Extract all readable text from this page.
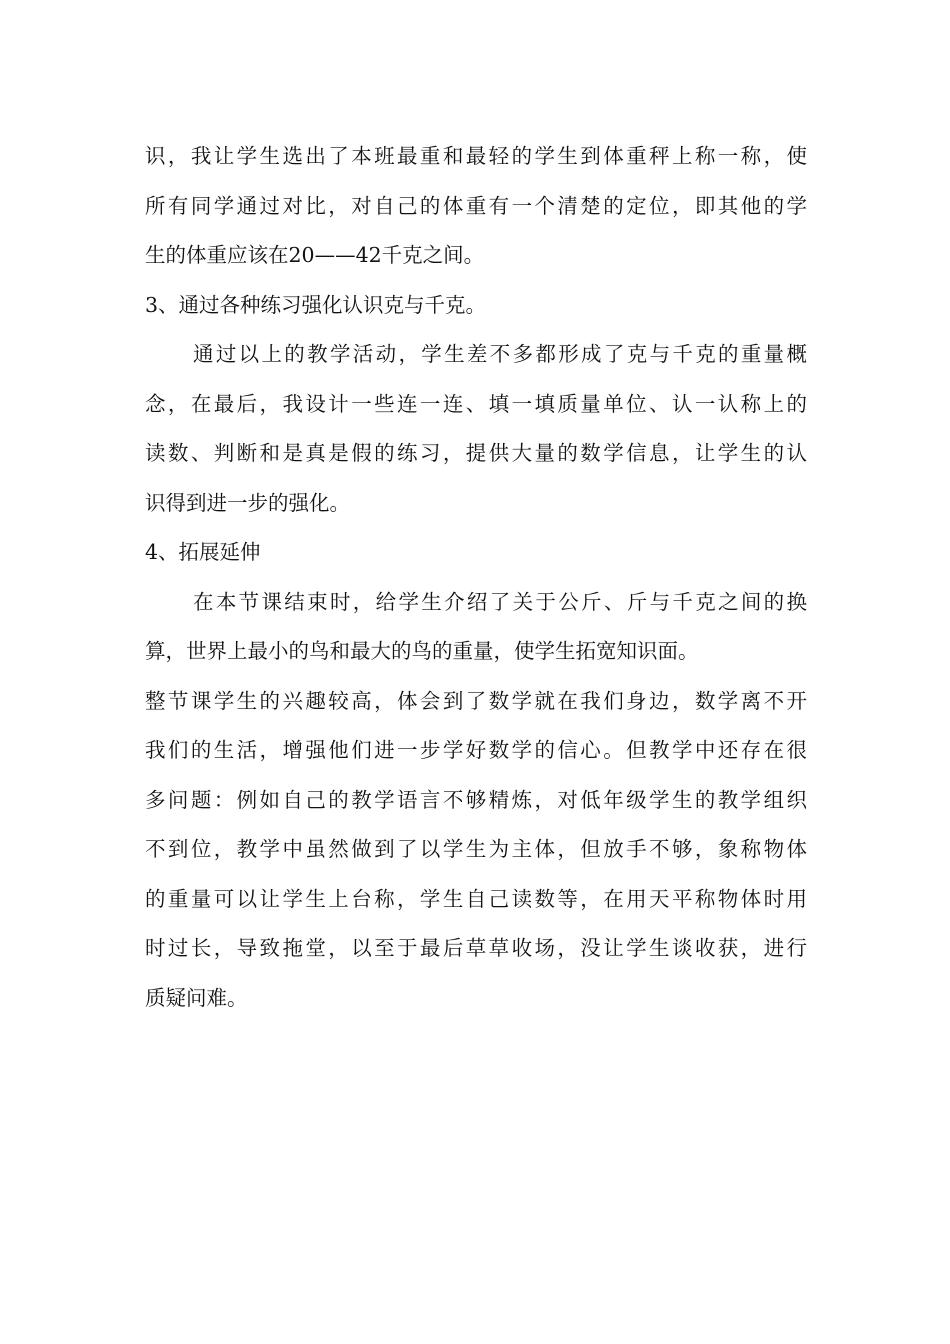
识，我让学生选出了本班最重和最轻的学生到体重秤上称一称，使
所有同学通过对比，对自己的体重有一个清楚的定位，即其他的学
生的体重应该在20——42千克之间。
3、通过各种练习强化认识克与千克。
通过以上的教学活动，学生差不多都形成了克与千克的重量概
念，在最后，我设计一些连一连、填一填质量单位、认一认称上的
读数、判断和是真是假的练习，提供大量的数学信息，让学生的认
识得到进一步的强化。
4、拓展延伸
在本节课结束时，给学生介绍了关于公斤、斤与千克之间的换
算，世界上最小的鸟和最大的鸟的重量，使学生拓宽知识面。
整节课学生的兴趣较高，体会到了数学就在我们身边，数学离不开
我们的生活，增强他们进一步学好数学的信心。但教学中还存在很
多问题：例如自己的教学语言不够精炼，对低年级学生的教学组织
不到位，教学中虽然做到了以学生为主体，但放手不够，象称物体
的重量可以让学生上台称，学生自己读数等，在用天平称物体时用
时过长，导致拖堂，以至于最后草草收场，没让学生谈收获，进行
质疑问难。
